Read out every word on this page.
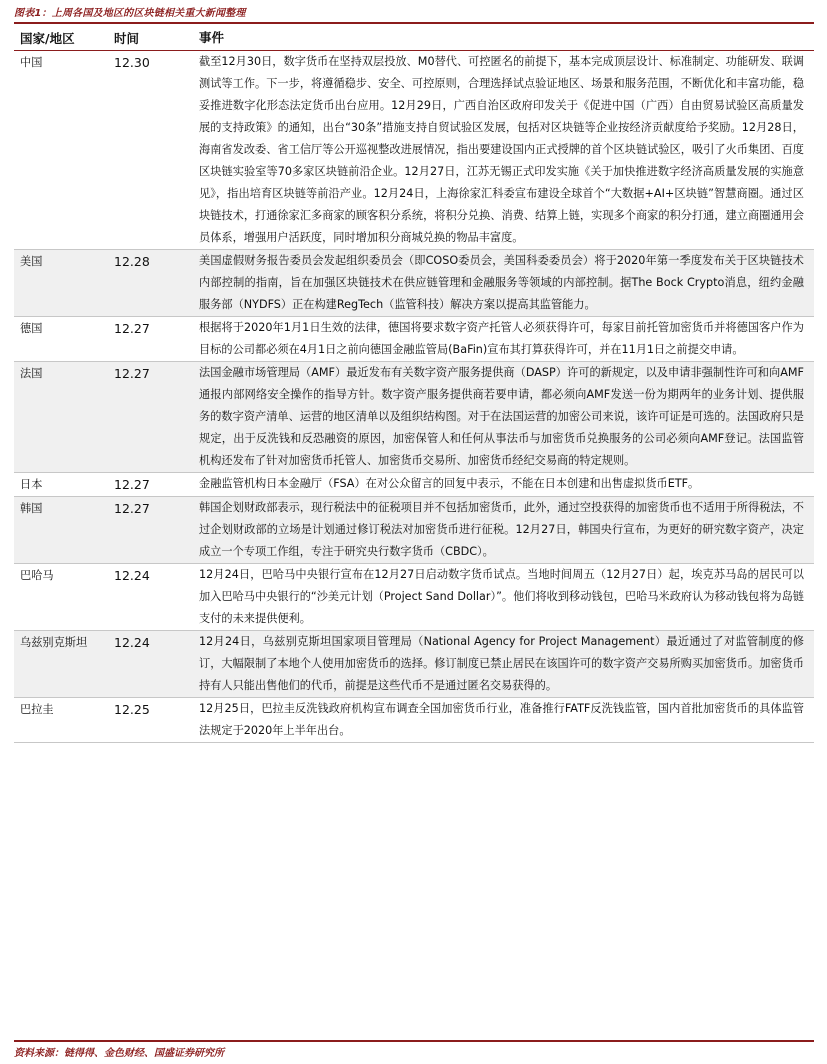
图表1：上周各国及地区的区块链相关重大新闻整理
国家/地区	时间	事件
中国	12.30	截至12月30日，数字货币在坚持双层投放、M0替代、可控匿名的前提下，基本完成顶层设计、标准制定、功能研发、联调测试等工作。下一步，将遵循稳步、安全、可控原则，合理选择试点验证地区、场景和服务范围，不断优化和丰富功能，稳妥推进数字化形态法定货币出台应用。12月29日，广西自治区政府印发关于《促进中国（广西）自由贸易试验区高质量发展的支持政策》的通知，出台“30条”措施支持自贸试验区发展，包括对区块链等企业按经济贡献度给予奖励。12月28日，海南省发改委、省工信厅等公开巡视整改进展情况，指出要建设国内正式授牌的首个区块链试验区，吸引了火币集团、百度区块链实验室等70多家区块链前沿企业。12月27日，江苏无锡正式印发实施《关于加快推进数字经济高质量发展的实施意见》，指出培育区块链等前沿产业。12月24日，上海徐家汇科委宣布建设全球首个“大数据+AI+区块链”智慧商圈。通过区块链技术，打通徐家汇多商家的顾客积分系统，将积分兑换、消费、结算上链，实现多个商家的积分打通，建立商圈通用会员体系，增强用户活跃度，同时增加积分商城兑换的物品丰富度。
美国	12.28	美国虚假财务报告委员会发起组织委员会（即COSO委员会，美国科委委员会）将于2020年第一季度发布关于区块链技术内部控制的指南，旨在加强区块链技术在供应链管理和金融服务等领域的内部控制。据The Bock Crypto消息，纽约金融服务部（NYDFS）正在构建RegTech（监管科技）解决方案以提高其监管能力。
德国	12.27	根据将于2020年1月1日生效的法律，德国将要求数字资产托管人必须获得许可，每家目前托管加密货币并将德国客户作为目标的公司都必须在4月1日之前向德国金融监管局(BaFin)宣布其打算获得许可，并在11月1日之前提交申请。
法国	12.27	法国金融市场管理局（AMF）最近发布有关数字资产服务提供商（DASP）许可的新规定，以及申请非强制性许可和向AMF通报内部网络安全操作的指导方针。数字资产服务提供商若要申请，都必须向AMF发送一份为期两年的业务计划、提供服务的数字资产清单、运营的地区清单以及组织结构图。对于在法国运营的加密公司来说，该许可证是可选的。法国政府只是规定，出于反洗钱和反恐融资的原因，加密保管人和任何从事法币与加密货币兑换服务的公司必须向AMF登记。法国监管机构还发布了针对加密货币托管人、加密货币交易所、加密货币经纪交易商的特定规则。
日本	12.27	金融监管机构日本金融厅（FSA）在对公众留言的回复中表示，不能在日本创建和出售虚拟货币ETF。
韩国	12.27	韩国企划财政部表示，现行税法中的征税项目并不包括加密货币，此外，通过空投获得的加密货币也不适用于所得税法，不过企划财政部的立场是计划通过修订税法对加密货币进行征税。12月27日，韩国央行宣布，为更好的研究数字资产，决定成立一个专项工作组，专注于研究央行数字货币（CBDC）。
巴哈马	12.24	12月24日，巴哈马中央银行宣布在12月27日启动数字货币试点。当地时间周五（12月27日）起，埃克苏马岛的居民可以加入巴哈马中央银行的“沙美元计划（Project Sand Dollar）”。他们将收到移动钱包，巴哈马米政府认为移动钱包将为岛链支付的未来提供便利。
乌兹别克斯坦	12.24	12月24日，乌兹别克斯坦国家项目管理局（National Agency for Project Management）最近通过了对监管制度的修订，大幅限制了本地个人使用加密货币的选择。修订制度已禁止居民在该国许可的数字资产交易所购买加密货币。加密货币持有人只能出售他们的代币，前提是这些代币不是通过匿名交易获得的。
巴拉圭	12.25	12月25日，巴拉圭反洗钱政府机构宣布调查全国加密货币行业，准备推行FATF反洗钱监管，国内首批加密货币的具体监管法规定于2020年上半年出台。
资料来源：链得得、金色财经、国盛证券研究所
